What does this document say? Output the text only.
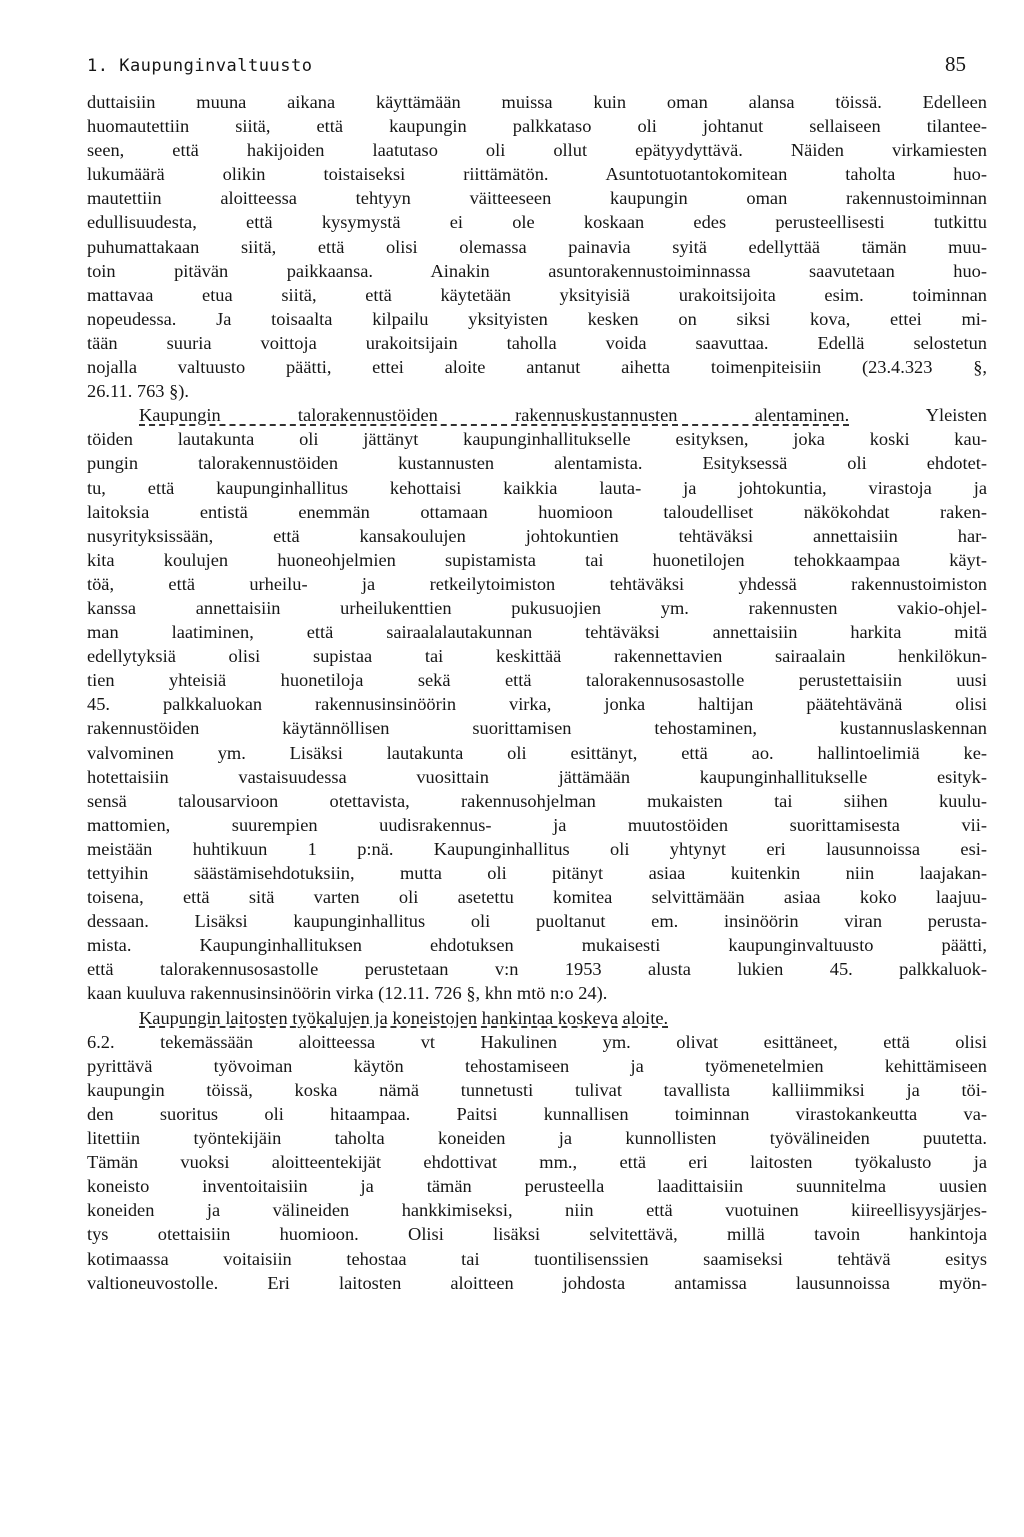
1. Kaupunginvaltuusto	85
duttaisiin muuna aikana käyttämään muissa kuin oman alansa töissä. Edelleen
huomautettiin siitä, että kaupungin palkkataso oli johtanut sellaiseen tilantee-
seen, että hakijoiden laatutaso oli ollut epätyydyttävä. Näiden virkamiesten
lukumäärä olikin toistaiseksi riittämätön. Asuntotuotantokomitean taholta huo-
mautettiin aloitteessa tehtyyn väitteeseen kaupungin oman rakennustoiminnan
edullisuudesta, että kysymystä ei ole koskaan edes perusteellisesti tutkittu
puhumattakaan siitä, että olisi olemassa painavia syitä edellyttää tämän muu-
toin pitävän paikkaansa. Ainakin asuntorakennustoiminnassa saavutetaan huo-
mattavaa etua siitä, että käytetään yksityisiä urakoitsijoita esim. toiminnan
nopeudessa. Ja toisaalta kilpailu yksityisten kesken on siksi kova, ettei mi-
tään suuria voittoja urakoitsijain taholla voida saavuttaa. Edellä selostetun
nojalla valtuusto päätti, ettei aloite antanut aihetta toimenpiteisiin (23.4.323 §,
26.11. 763 §).
Kaupungin talorakennustöiden rakennuskustannusten alentaminen. Yleisten
töiden lautakunta oli jättänyt kaupunginhallitukselle esityksen, joka koski kau-
pungin talorakennustöiden kustannusten alentamista. Esityksessä oli ehdotet-
tu, että kaupunginhallitus kehottaisi kaikkia lauta- ja johtokuntia, virastoja ja
laitoksia entistä enemmän ottamaan huomioon taloudelliset näkökohdat raken-
nusyrityksissään, että kansakoulujen johtokuntien tehtäväksi annettaisiin har-
kita koulujen huoneohjelmien supistamista tai huonetilojen tehokkaampaa käyt-
töä, että urheilu- ja retkeilytoimiston tehtäväksi yhdessä rakennustoimiston
kanssa annettaisiin urheilukenttien pukusuojien ym. rakennusten vakio-ohjel-
man laatiminen, että sairaalalautakunnan tehtäväksi annettaisiin harkita mitä
edellytyksiä olisi supistaa tai keskittää rakennettavien sairaalain henkilökun-
tien yhteisiä huonetiloja sekä että talorakennusosastolle perustettaisiin uusi
45. palkkaluokan rakennusinsinöörin virka, jonka haltijan päätehtävänä olisi
rakennustöiden käytännöllisen suorittamisen tehostaminen, kustannuslaskennan
valvominen ym. Lisäksi lautakunta oli esittänyt, että ao. hallintoelimiä ke-
hotettaisiin vastaisuudessa vuosittain jättämään kaupunginhallitukselle esityk-
sensä talousarvioon otettavista, rakennusohjelman mukaisten tai siihen kuulu-
mattomien, suurempien uudisrakennus- ja muutostöiden suorittamisesta vii-
meistään huhtikuun 1 p:nä. Kaupunginhallitus oli yhtynyt eri lausunnoissa esi-
tettyihin säästämisehdotuksiin, mutta oli pitänyt asiaa kuitenkin niin laajakan-
toisena, että sitä varten oli asetettu komitea selvittämään asiaa koko laajuu-
dessaan. Lisäksi kaupunginhallitus oli puoltanut em. insinöörin viran perusta-
mista. Kaupunginhallituksen ehdotuksen mukaisesti kaupunginvaltuusto päätti,
että talorakennusosastolle perustetaan v:n 1953 alusta lukien 45. palkkaluok-
kaan kuuluva rakennusinsinöörin virka (12.11. 726 §, khn mtö n:o 24).
Kaupungin laitosten työkalujen ja koneistojen hankintaa koskeva aloite.
6.2. tekemässään aloitteessa vt Hakulinen ym. olivat esittäneet, että olisi
pyrittävä työvoiman käytön tehostamiseen ja työmenetelmien kehittämiseen
kaupungin töissä, koska nämä tunnetusti tulivat tavallista kalliimmiksi ja töi-
den suoritus oli hitaampaa. Paitsi kunnallisen toiminnan virastokankeutta va-
litettiin työntekijäin taholta koneiden ja kunnollisten työvälineiden puutetta.
Tämän vuoksi aloitteentekijät ehdottivat mm., että eri laitosten työkalusto ja
koneisto inventoitaisiin ja tämän perusteella laadittaisiin suunnitelma uusien
koneiden ja välineiden hankkimiseksi, niin että vuotuinen kiireellisyysjärjes-
tys otettaisiin huomioon. Olisi lisäksi selvitettävä, millä tavoin hankintoja
kotimaassa voitaisiin tehostaa tai tuontilisenssien saamiseksi tehtävä esitys
valtioneuvostolle. Eri laitosten aloitteen johdosta antamissa lausunnoissa myön-
